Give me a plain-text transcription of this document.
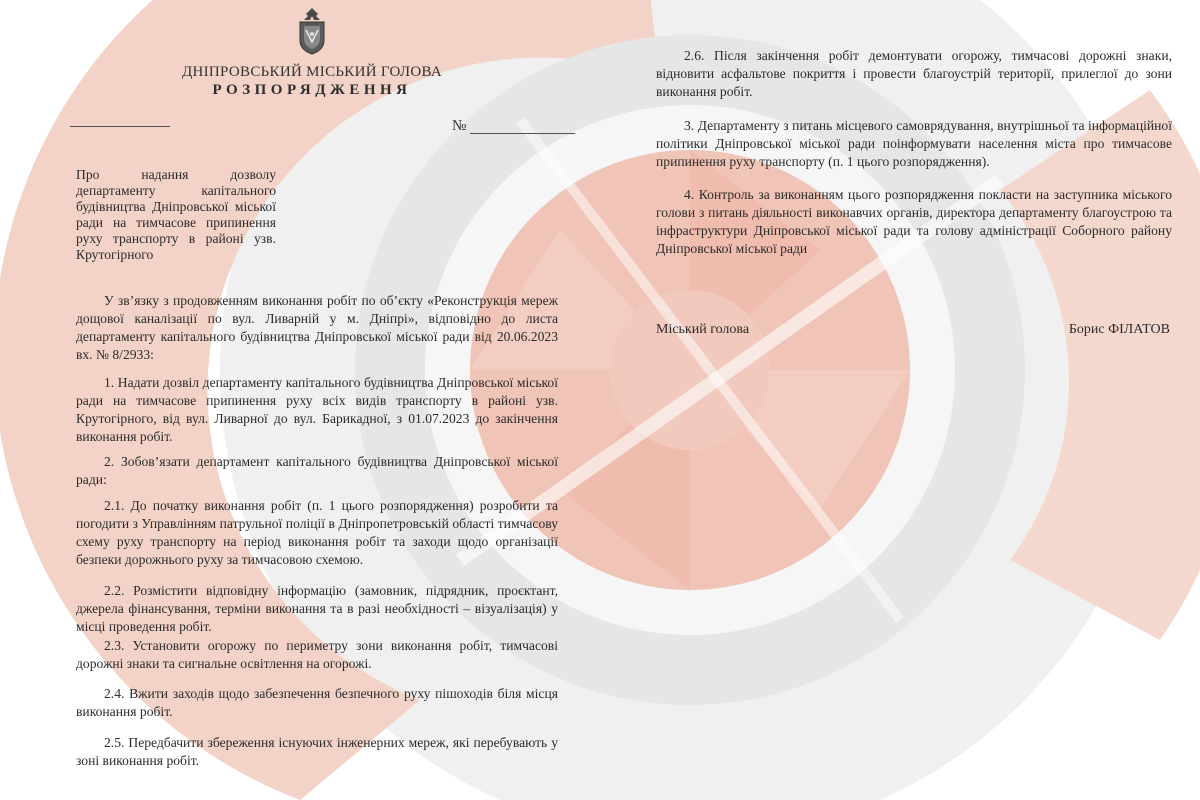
ДНІПРОВСЬКИЙ МІСЬКИЙ ГОЛОВА
РОЗПОРЯДЖЕННЯ
№
Про надання дозволу департаменту капітального будівництва Дніпровської міської ради на тимчасове припинення руху транспорту в районі узв. Крутогірного

У зв’язку з продовженням виконання робіт по об’єкту «Реконструкція мереж дощової каналізації по вул. Ливарній у м. Дніпрі», відповідно до листа департаменту капітального будівництва Дніпровської міської ради від 20.06.2023 вх. № 8/2933:

1. Надати дозвіл департаменту капітального будівництва Дніпровської міської ради на тимчасове припинення руху всіх видів транспорту в районі узв. Крутогірного, від вул. Ливарної до вул. Барикадної, з 01.07.2023 до закінчення виконання робіт.

2. Зобов’язати департамент капітального будівництва Дніпровської міської ради:

2.1. До початку виконання робіт (п. 1 цього розпорядження) розробити та погодити з Управлінням патрульної поліції в Дніпропетровській області тимчасову схему руху транспорту на період виконання робіт та заходи щодо організації безпеки дорожнього руху за тимчасовою схемою.

2.2. Розмістити відповідну інформацію (замовник, підрядник, проєктант, джерела фінансування, терміни виконання та в разі необхідності – візуалізація) у місці проведення робіт.

2.3. Установити огорожу по периметру зони виконання робіт, тимчасові дорожні знаки та сигнальне освітлення на огорожі.

2.4. Вжити заходів щодо забезпечення безпечного руху пішоходів біля місця виконання робіт.

2.5. Передбачити збереження існуючих інженерних мереж, які перебувають у зоні виконання робіт.

2.6. Після закінчення робіт демонтувати огорожу, тимчасові дорожні знаки, відновити асфальтове покриття і провести благоустрій території, прилеглої до зони виконання робіт.

3. Департаменту з питань місцевого самоврядування, внутрішньої та інформаційної політики Дніпровської міської ради поінформувати населення міста про тимчасове припинення руху транспорту (п. 1 цього розпорядження).

4. Контроль за виконанням цього розпорядження покласти на заступника міського голови з питань діяльності виконавчих органів, директора департаменту благоустрою та інфраструктури Дніпровської міської ради та голову адміністрації Соборного району Дніпровської міської ради

Міський голова	Борис ФІЛАТОВ
